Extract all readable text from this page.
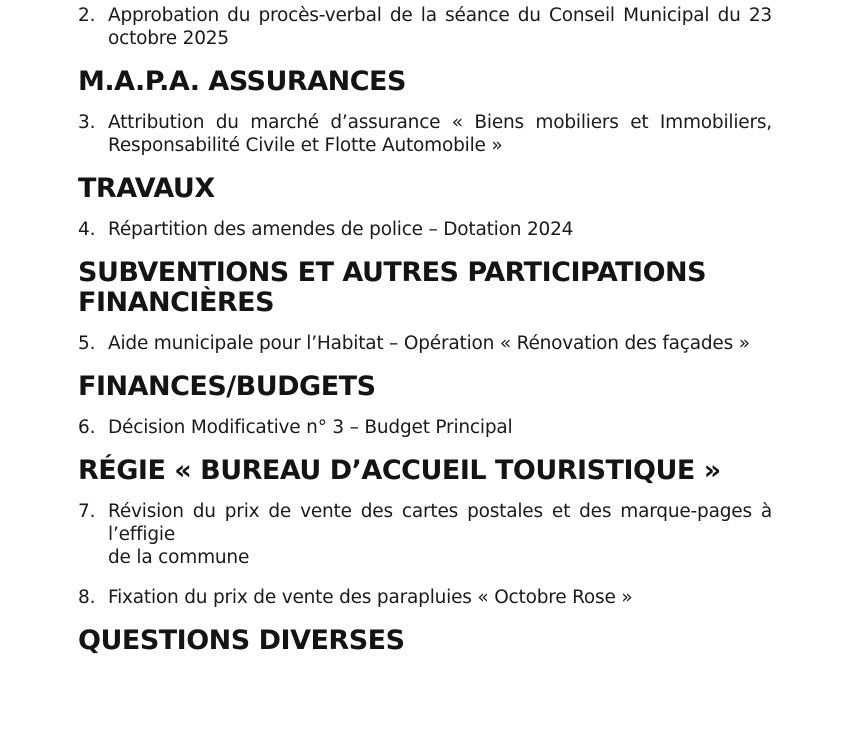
2. Approbation du procès-verbal de la séance du Conseil Municipal du 23
octobre 2025
M.A.P.A. ASSURANCES
3. Attribution du marché d’assurance « Biens mobiliers et Immobiliers,
Responsabilité Civile et Flotte Automobile »
TRAVAUX
4. Répartition des amendes de police – Dotation 2024
SUBVENTIONS ET AUTRES PARTICIPATIONS
FINANCIÈRES
5. Aide municipale pour l’Habitat – Opération « Rénovation des façades »
FINANCES/BUDGETS
6. Décision Modificative n° 3 – Budget Principal
RÉGIE « BUREAU D’ACCUEIL TOURISTIQUE »
7. Révision du prix de vente des cartes postales et des marque-pages à l’effigie
de la commune
8. Fixation du prix de vente des parapluies « Octobre Rose »
QUESTIONS DIVERSES
